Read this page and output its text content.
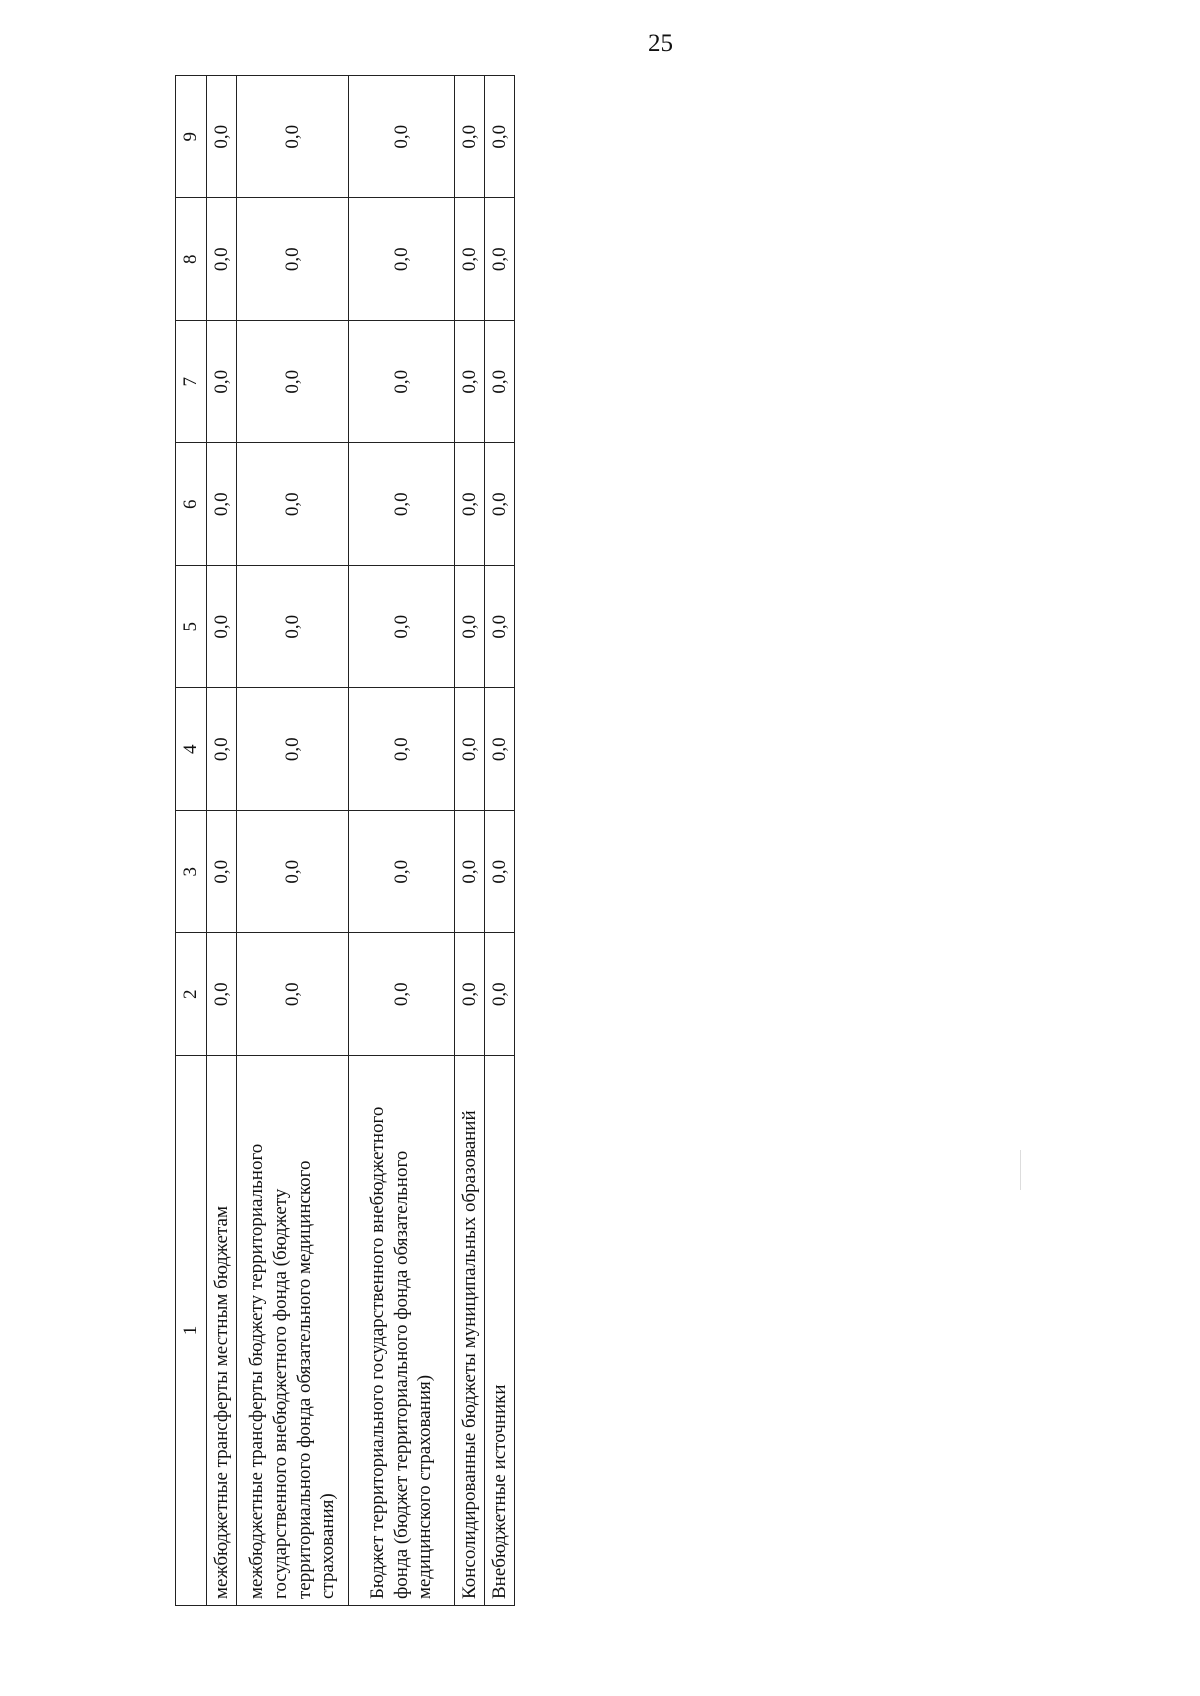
25
1	2	3	4	5	6	7	8	9
межбюджетные трансферты местным бюджетам	0,0	0,0	0,0	0,0	0,0	0,0	0,0	0,0
межбюджетные трансферты бюджету территориального государственного внебюджетного фонда (бюджету территориального фонда обязательного медицинского страхования)	0,0	0,0	0,0	0,0	0,0	0,0	0,0	0,0
Бюджет территориального государственного внебюджетного фонда (бюджет территориального фонда обязательного медицинского страхования)	0,0	0,0	0,0	0,0	0,0	0,0	0,0	0,0
Консолидированные бюджеты муниципальных образований	0,0	0,0	0,0	0,0	0,0	0,0	0,0	0,0
Внебюджетные источники	0,0	0,0	0,0	0,0	0,0	0,0	0,0	0,0
